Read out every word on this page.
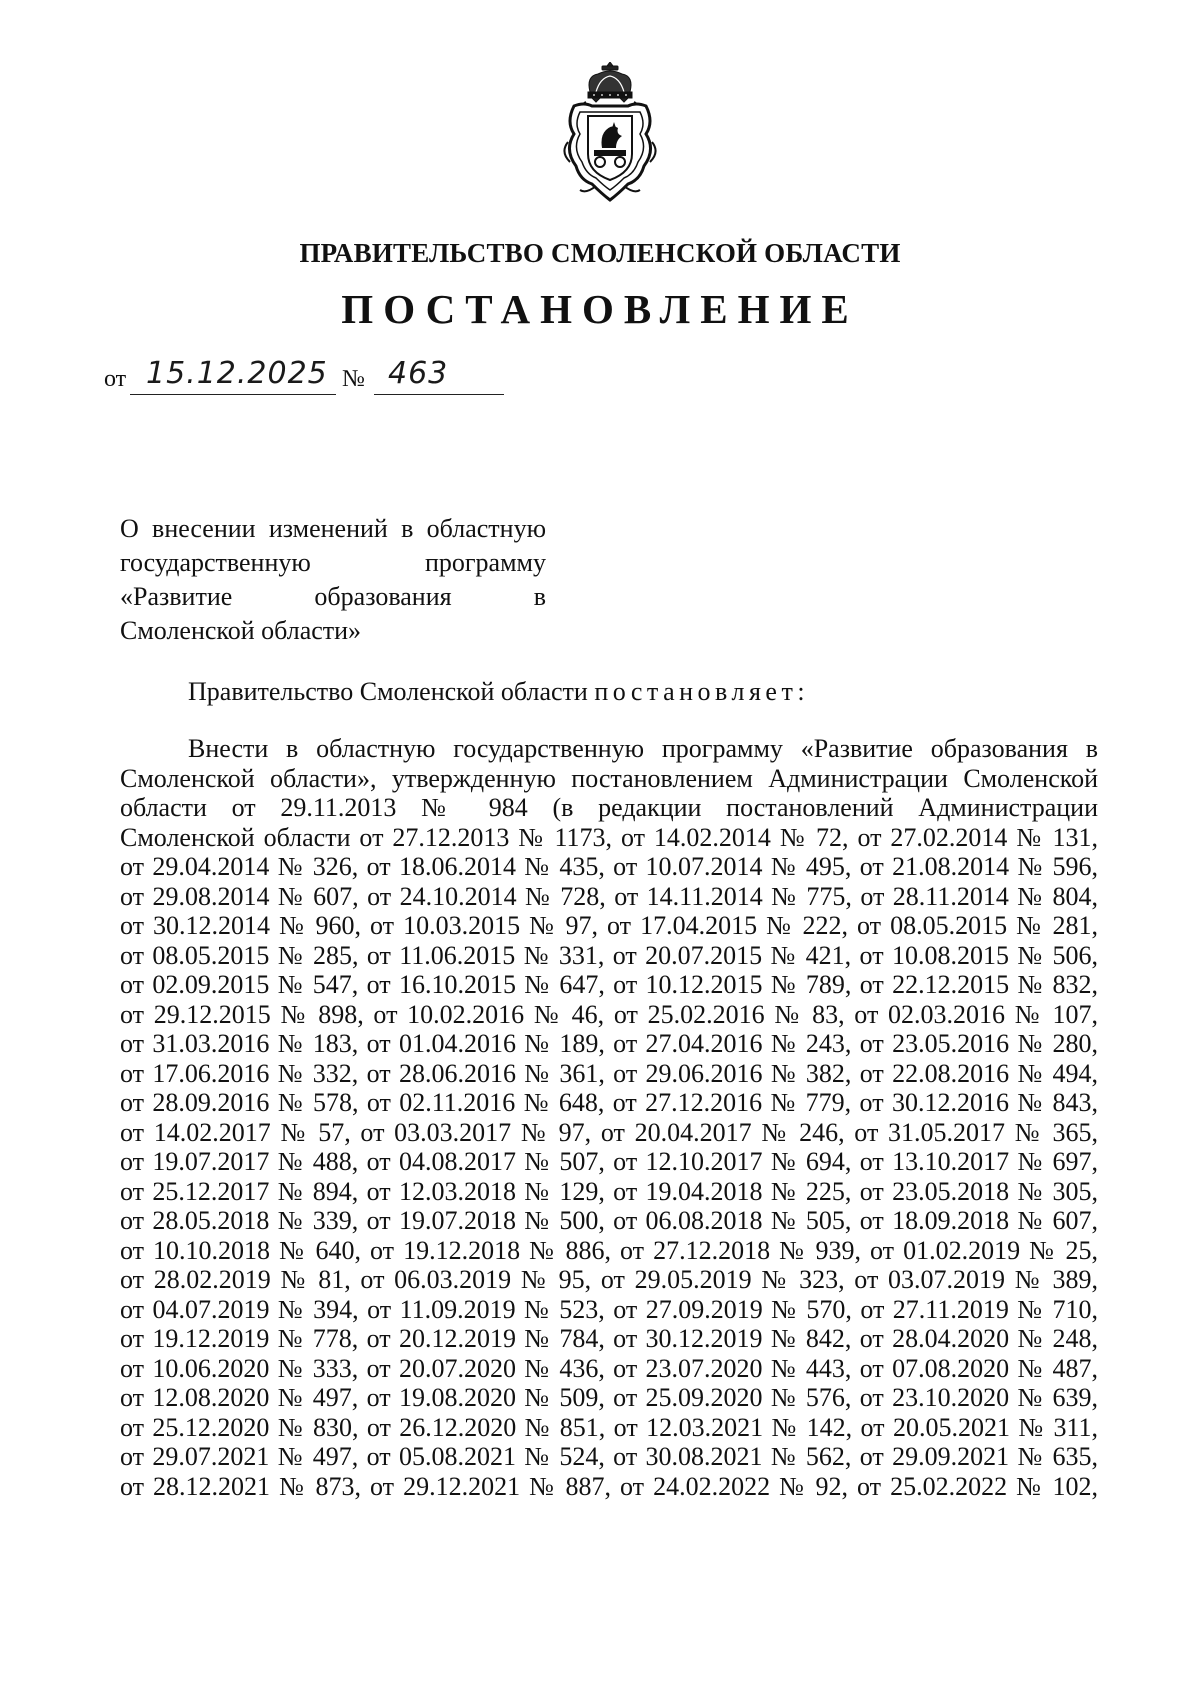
ПРАВИТЕЛЬСТВО СМОЛЕНСКОЙ ОБЛАСТИ
ПОСТАНОВЛЕНИЕ
от 15.12.2025 № 463
О внесении изменений в областную
государственную программу
«Развитие образования в
Смоленской области»
Правительство Смоленской области постановляет:
Внести в областную государственную программу «Развитие образования в
Смоленской области», утвержденную постановлением Администрации Смоленской
области от 29.11.2013 № 984 (в редакции постановлений Администрации
Смоленской области от 27.12.2013 № 1173, от 14.02.2014 № 72, от 27.02.2014 № 131,
от 29.04.2014 № 326, от 18.06.2014 № 435, от 10.07.2014 № 495, от 21.08.2014 № 596,
от 29.08.2014 № 607, от 24.10.2014 № 728, от 14.11.2014 № 775, от 28.11.2014 № 804,
от 30.12.2014 № 960, от 10.03.2015 № 97, от 17.04.2015 № 222, от 08.05.2015 № 281,
от 08.05.2015 № 285, от 11.06.2015 № 331, от 20.07.2015 № 421, от 10.08.2015 № 506,
от 02.09.2015 № 547, от 16.10.2015 № 647, от 10.12.2015 № 789, от 22.12.2015 № 832,
от 29.12.2015 № 898, от 10.02.2016 № 46, от 25.02.2016 № 83, от 02.03.2016 № 107,
от 31.03.2016 № 183, от 01.04.2016 № 189, от 27.04.2016 № 243, от 23.05.2016 № 280,
от 17.06.2016 № 332, от 28.06.2016 № 361, от 29.06.2016 № 382, от 22.08.2016 № 494,
от 28.09.2016 № 578, от 02.11.2016 № 648, от 27.12.2016 № 779, от 30.12.2016 № 843,
от 14.02.2017 № 57, от 03.03.2017 № 97, от 20.04.2017 № 246, от 31.05.2017 № 365,
от 19.07.2017 № 488, от 04.08.2017 № 507, от 12.10.2017 № 694, от 13.10.2017 № 697,
от 25.12.2017 № 894, от 12.03.2018 № 129, от 19.04.2018 № 225, от 23.05.2018 № 305,
от 28.05.2018 № 339, от 19.07.2018 № 500, от 06.08.2018 № 505, от 18.09.2018 № 607,
от 10.10.2018 № 640, от 19.12.2018 № 886, от 27.12.2018 № 939, от 01.02.2019 № 25,
от 28.02.2019 № 81, от 06.03.2019 № 95, от 29.05.2019 № 323, от 03.07.2019 № 389,
от 04.07.2019 № 394, от 11.09.2019 № 523, от 27.09.2019 № 570, от 27.11.2019 № 710,
от 19.12.2019 № 778, от 20.12.2019 № 784, от 30.12.2019 № 842, от 28.04.2020 № 248,
от 10.06.2020 № 333, от 20.07.2020 № 436, от 23.07.2020 № 443, от 07.08.2020 № 487,
от 12.08.2020 № 497, от 19.08.2020 № 509, от 25.09.2020 № 576, от 23.10.2020 № 639,
от 25.12.2020 № 830, от 26.12.2020 № 851, от 12.03.2021 № 142, от 20.05.2021 № 311,
от 29.07.2021 № 497, от 05.08.2021 № 524, от 30.08.2021 № 562, от 29.09.2021 № 635,
от 28.12.2021 № 873, от 29.12.2021 № 887, от 24.02.2022 № 92, от 25.02.2022 № 102,
